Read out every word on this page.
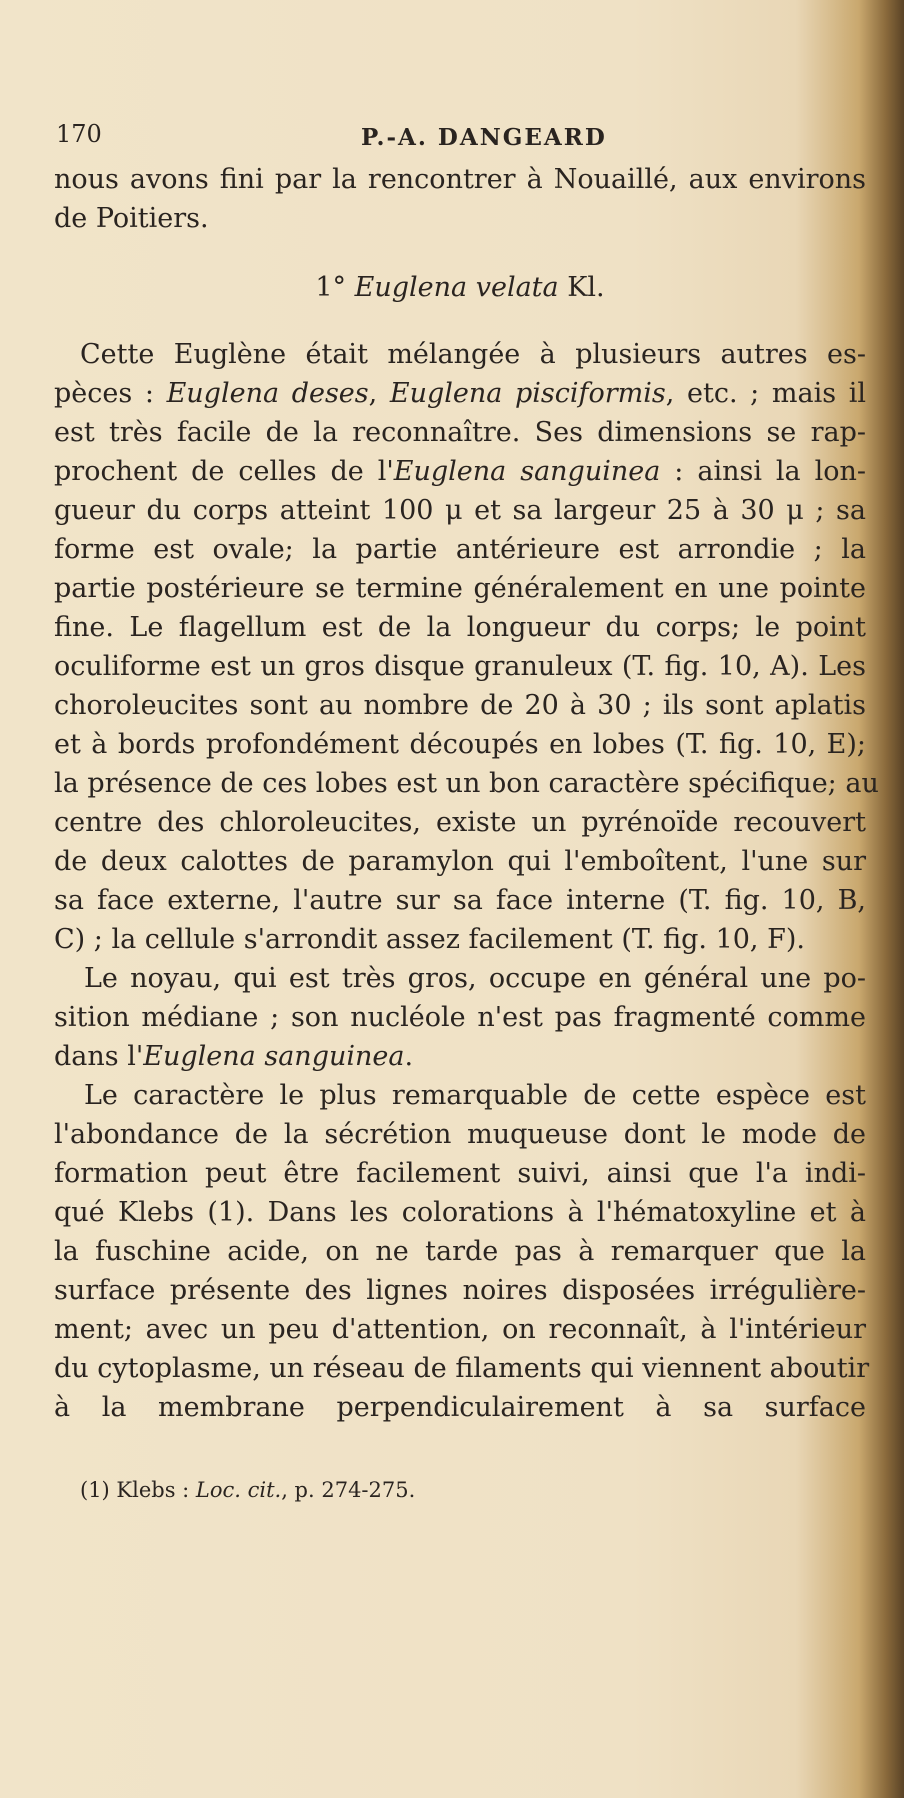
170	P.-A. DANGEARD
nous avons fini par la rencontrer à Nouaillé, aux environs
de Poitiers.
1° Euglena velata Kl.
Cette Euglène était mélangée à plusieurs autres es-
pèces : Euglena deses, Euglena pisciformis, etc. ; mais il
est très facile de la reconnaître. Ses dimensions se rap-
prochent de celles de l'Euglena sanguinea : ainsi la lon-
gueur du corps atteint 100 μ et sa largeur 25 à 30 μ ; sa
forme est ovale; la partie antérieure est arrondie ; la
partie postérieure se termine généralement en une pointe
fine. Le flagellum est de la longueur du corps; le point
oculiforme est un gros disque granuleux (T. fig. 10, A). Les
choroleucites sont au nombre de 20 à 30 ; ils sont aplatis
et à bords profondément découpés en lobes (T. fig. 10, E);
la présence de ces lobes est un bon caractère spécifique; au
centre des chloroleucites, existe un pyrénoïde recouvert
de deux calottes de paramylon qui l'emboîtent, l'une sur
sa face externe, l'autre sur sa face interne (T. fig. 10, B,
C) ; la cellule s'arrondit assez facilement (T. fig. 10, F).
Le noyau, qui est très gros, occupe en général une po-
sition médiane ; son nucléole n'est pas fragmenté comme
dans l'Euglena sanguinea.
Le caractère le plus remarquable de cette espèce est
l'abondance de la sécrétion muqueuse dont le mode de
formation peut être facilement suivi, ainsi que l'a indi-
qué Klebs (1). Dans les colorations à l'hématoxyline et à
la fuschine acide, on ne tarde pas à remarquer que la
surface présente des lignes noires disposées irrégulière-
ment; avec un peu d'attention, on reconnaît, à l'intérieur
du cytoplasme, un réseau de filaments qui viennent aboutir
à la membrane perpendiculairement à sa surface
(1) Klebs : Loc. cit., p. 274-275.
